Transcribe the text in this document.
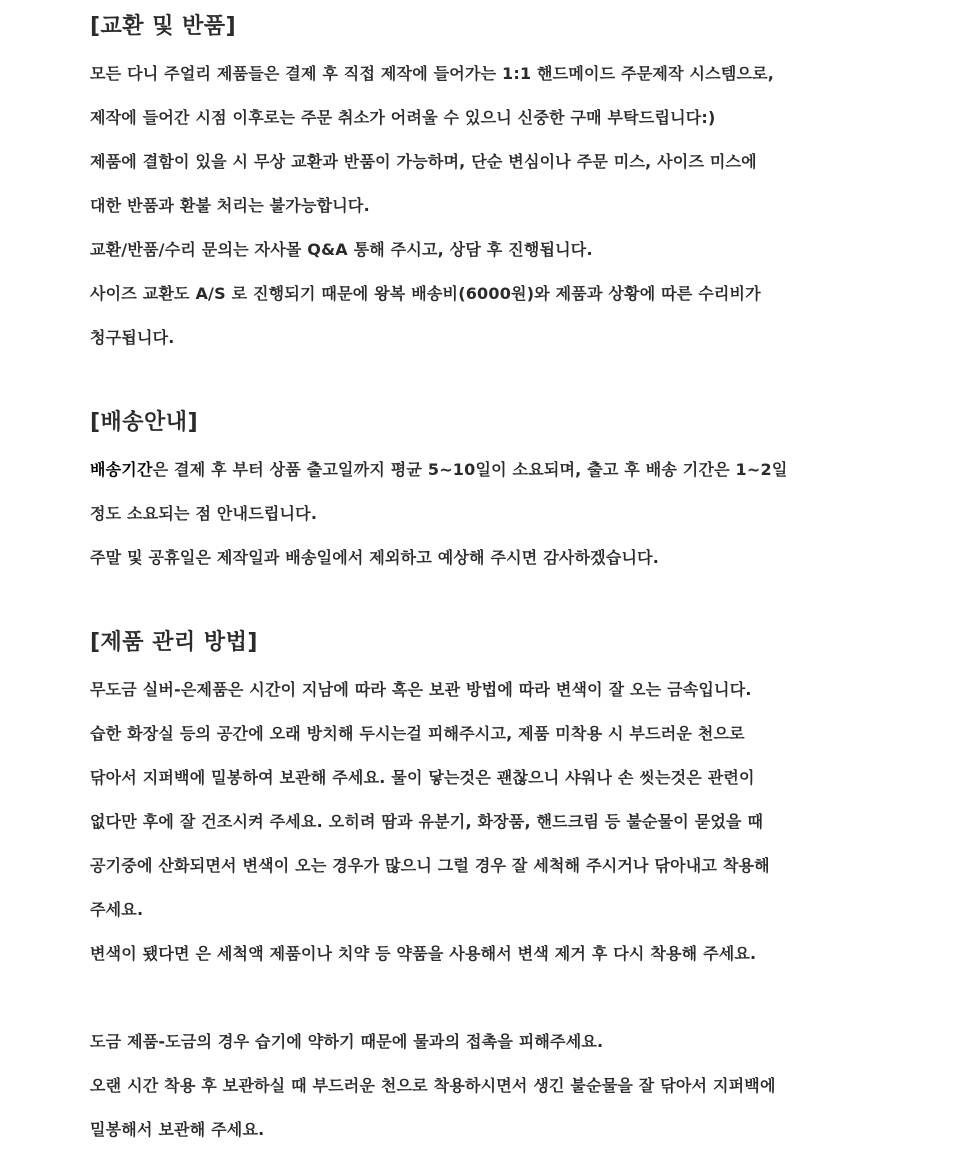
[교환 및 반품]
모든 다니 주얼리 제품들은 결제 후 직접 제작에 들어가는 1:1 핸드메이드 주문제작 시스템으로,
제작에 들어간 시점 이후로는 주문 취소가 어려울 수 있으니 신중한 구매 부탁드립니다:)
제품에 결함이 있을 시 무상 교환과 반품이 가능하며, 단순 변심이나 주문 미스, 사이즈 미스에
대한 반품과 환불 처리는 불가능합니다.
교환/반품/수리 문의는 자사몰 Q&A 통해 주시고, 상담 후 진행됩니다.
사이즈 교환도 A/S 로 진행되기 때문에 왕복 배송비(6000원)와 제품과 상황에 따른 수리비가
청구됩니다.
[배송안내]
배송기간은 결제 후 부터 상품 출고일까지 평균 5~10일이 소요되며, 출고 후 배송 기간은 1~2일
정도 소요되는 점 안내드립니다.
주말 및 공휴일은 제작일과 배송일에서 제외하고 예상해 주시면 감사하겠습니다.
[제품 관리 방법]
무도금 실버-은제품은 시간이 지남에 따라 혹은 보관 방법에 따라 변색이 잘 오는 금속입니다.
습한 화장실 등의 공간에 오래 방치해 두시는걸 피해주시고, 제품 미착용 시 부드러운 천으로
닦아서 지퍼백에 밀봉하여 보관해 주세요. 물이 닿는것은 괜찮으니 샤워나 손 씻는것은 관련이
없다만 후에 잘 건조시켜 주세요. 오히려 땀과 유분기, 화장품, 핸드크림 등 불순물이 묻었을 때
공기중에 산화되면서 변색이 오는 경우가 많으니 그럴 경우 잘 세척해 주시거나 닦아내고 착용해
주세요.
변색이 됐다면 은 세척액 제품이나 치약 등 약품을 사용해서 변색 제거 후 다시 착용해 주세요.
도금 제품-도금의 경우 습기에 약하기 때문에 물과의 접촉을 피해주세요.
오랜 시간 착용 후 보관하실 때 부드러운 천으로 착용하시면서 생긴 불순물을 잘 닦아서 지퍼백에
밀봉해서 보관해 주세요.
